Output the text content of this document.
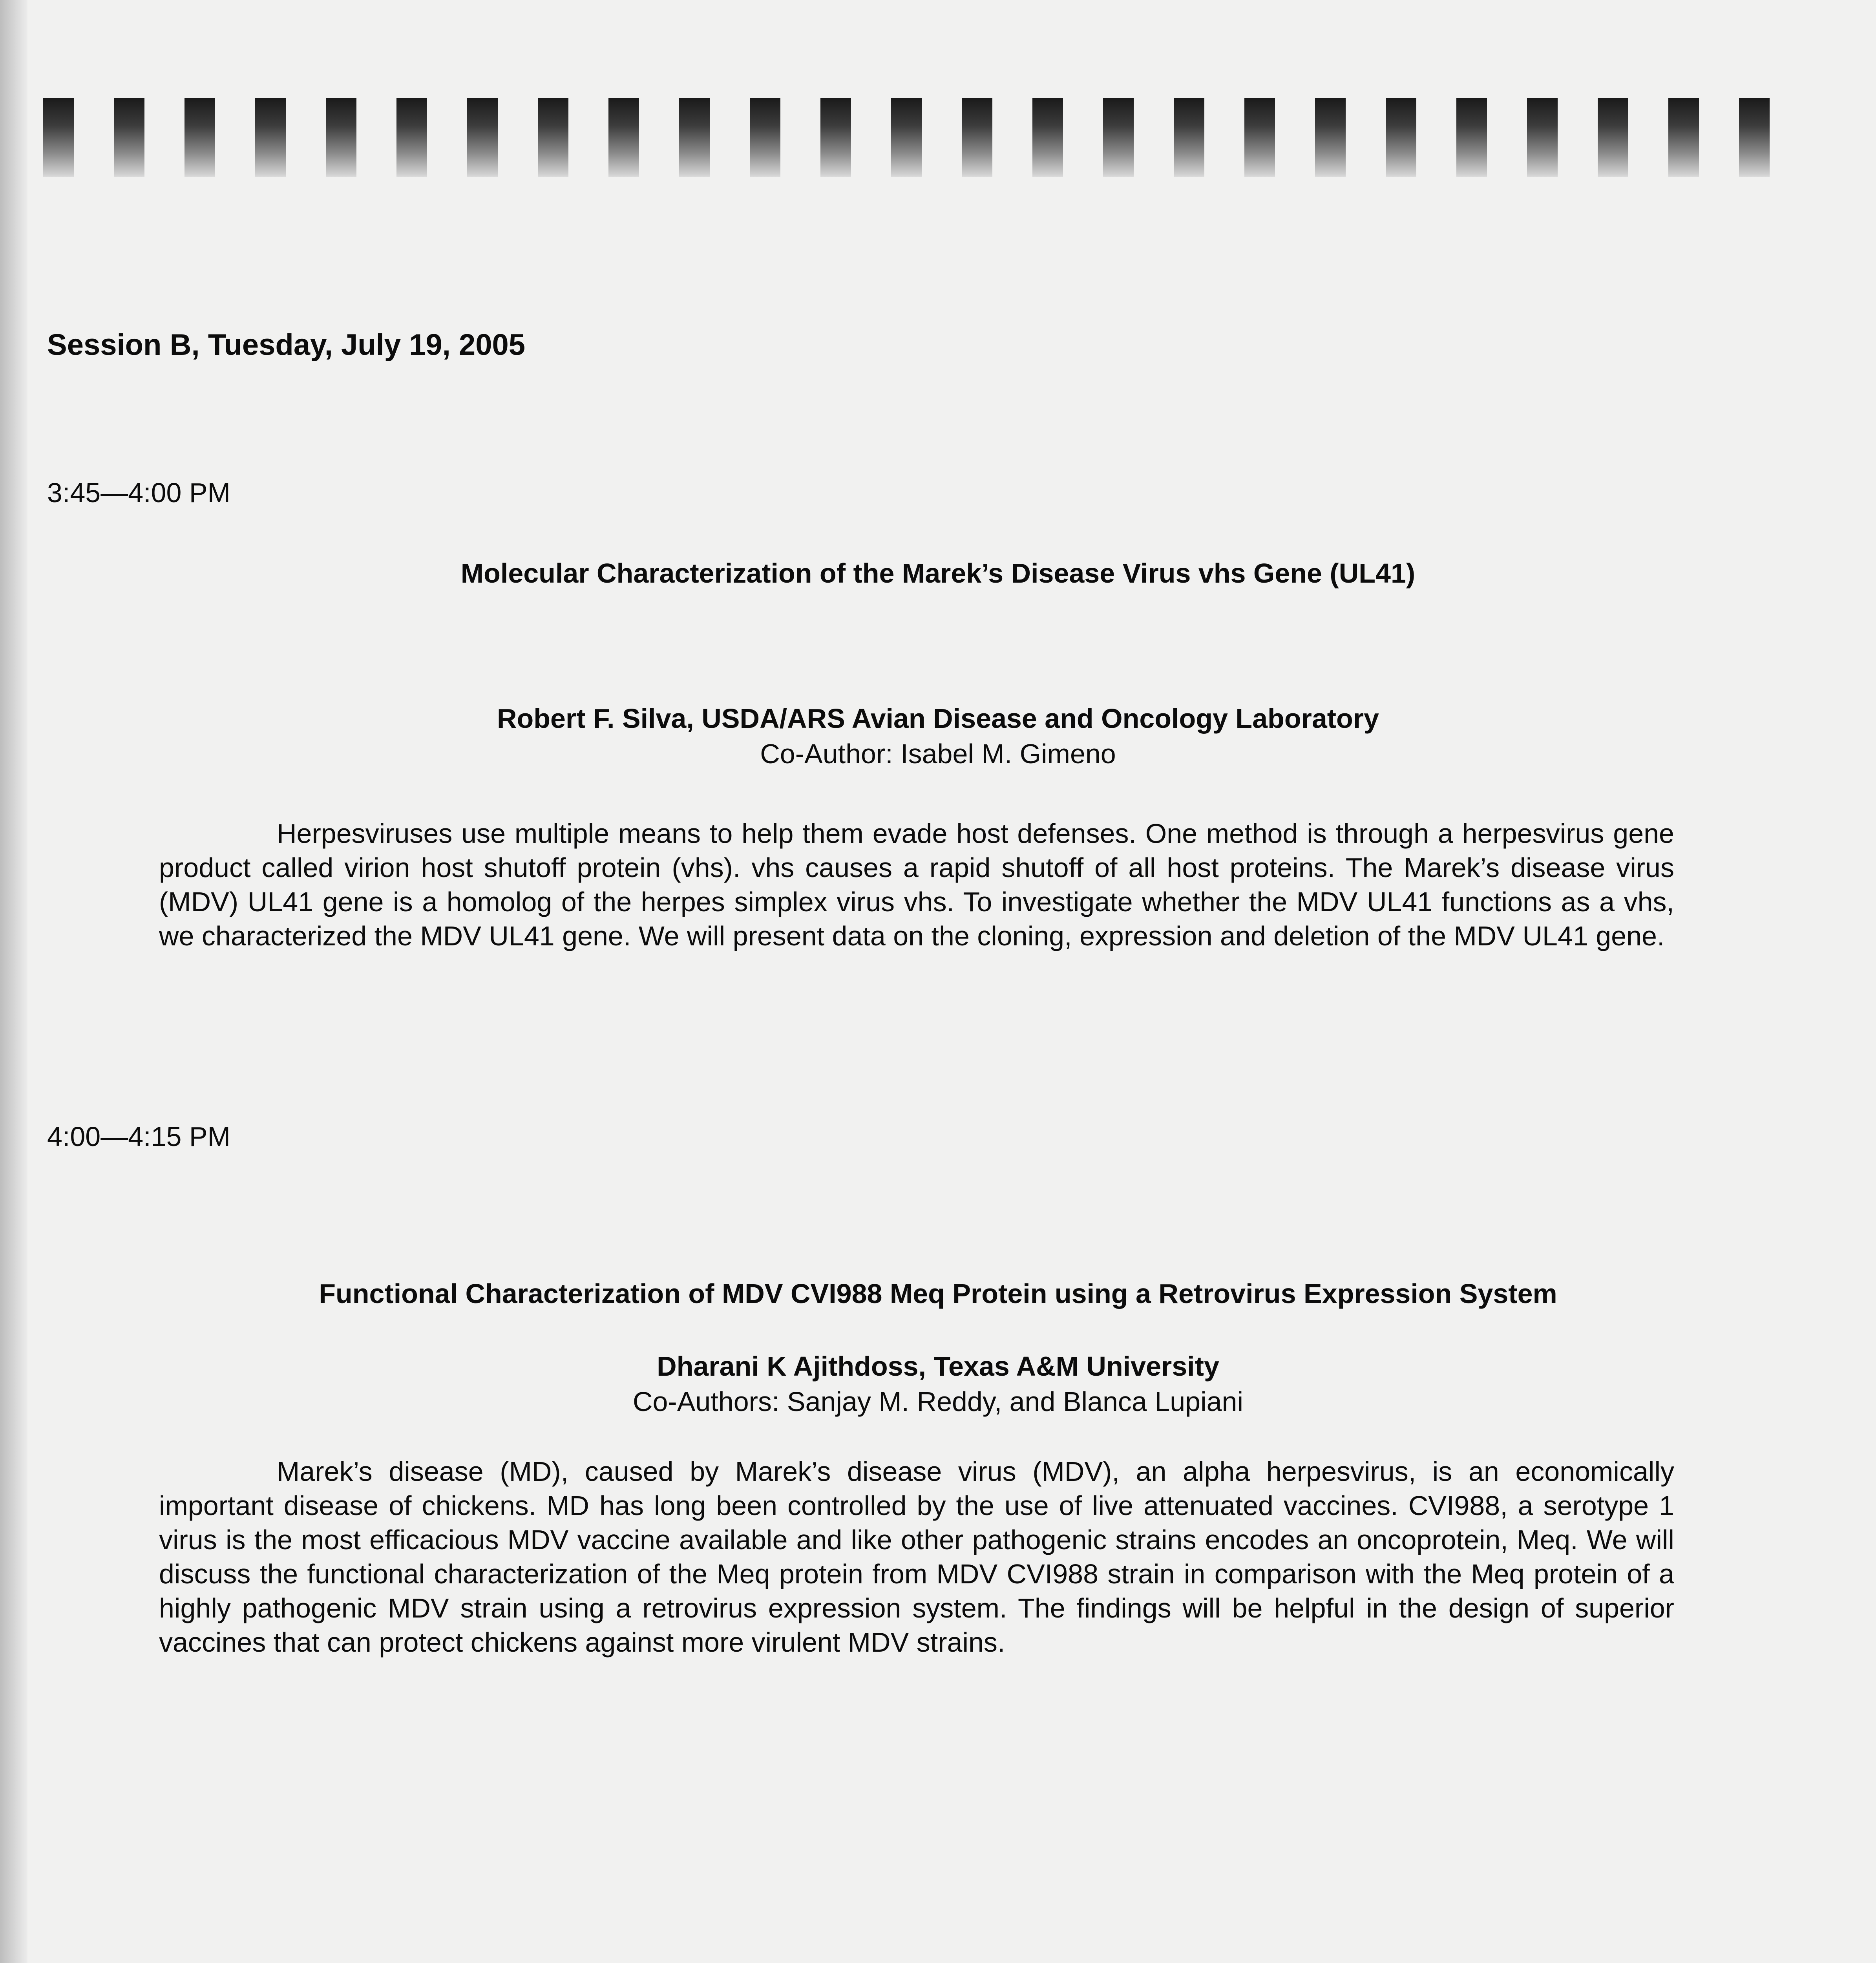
Session B, Tuesday, July 19, 2005
3:45—4:00 PM
Molecular Characterization of the Marek’s Disease Virus vhs Gene (UL41)
Robert F. Silva, USDA/ARS Avian Disease and Oncology Laboratory
Co-Author: Isabel M. Gimeno

Herpesviruses use multiple means to help them evade host defenses. One method is through a herpesvirus gene product called virion host shutoff protein (vhs). vhs causes a rapid shutoff of all host proteins. The Marek’s disease virus (MDV) UL41 gene is a homolog of the herpes simplex virus vhs. To investigate whether the MDV UL41 functions as a vhs, we characterized the MDV UL41 gene. We will present data on the cloning, expression and deletion of the MDV UL41 gene.

4:00—4:15 PM
Functional Characterization of MDV CVI988 Meq Protein using a Retrovirus Expression System
Dharani K Ajithdoss, Texas A&M University
Co-Authors: Sanjay M. Reddy, and Blanca Lupiani

Marek’s disease (MD), caused by Marek’s disease virus (MDV), an alpha herpesvirus, is an economically important disease of chickens. MD has long been controlled by the use of live attenuated vaccines. CVI988, a serotype 1 virus is the most efficacious MDV vaccine available and like other pathogenic strains encodes an oncoprotein, Meq. We will discuss the functional characterization of the Meq protein from MDV CVI988 strain in comparison with the Meq protein of a highly pathogenic MDV strain using a retrovirus expression system. The findings will be helpful in the design of superior vaccines that can protect chickens against more virulent MDV strains.
